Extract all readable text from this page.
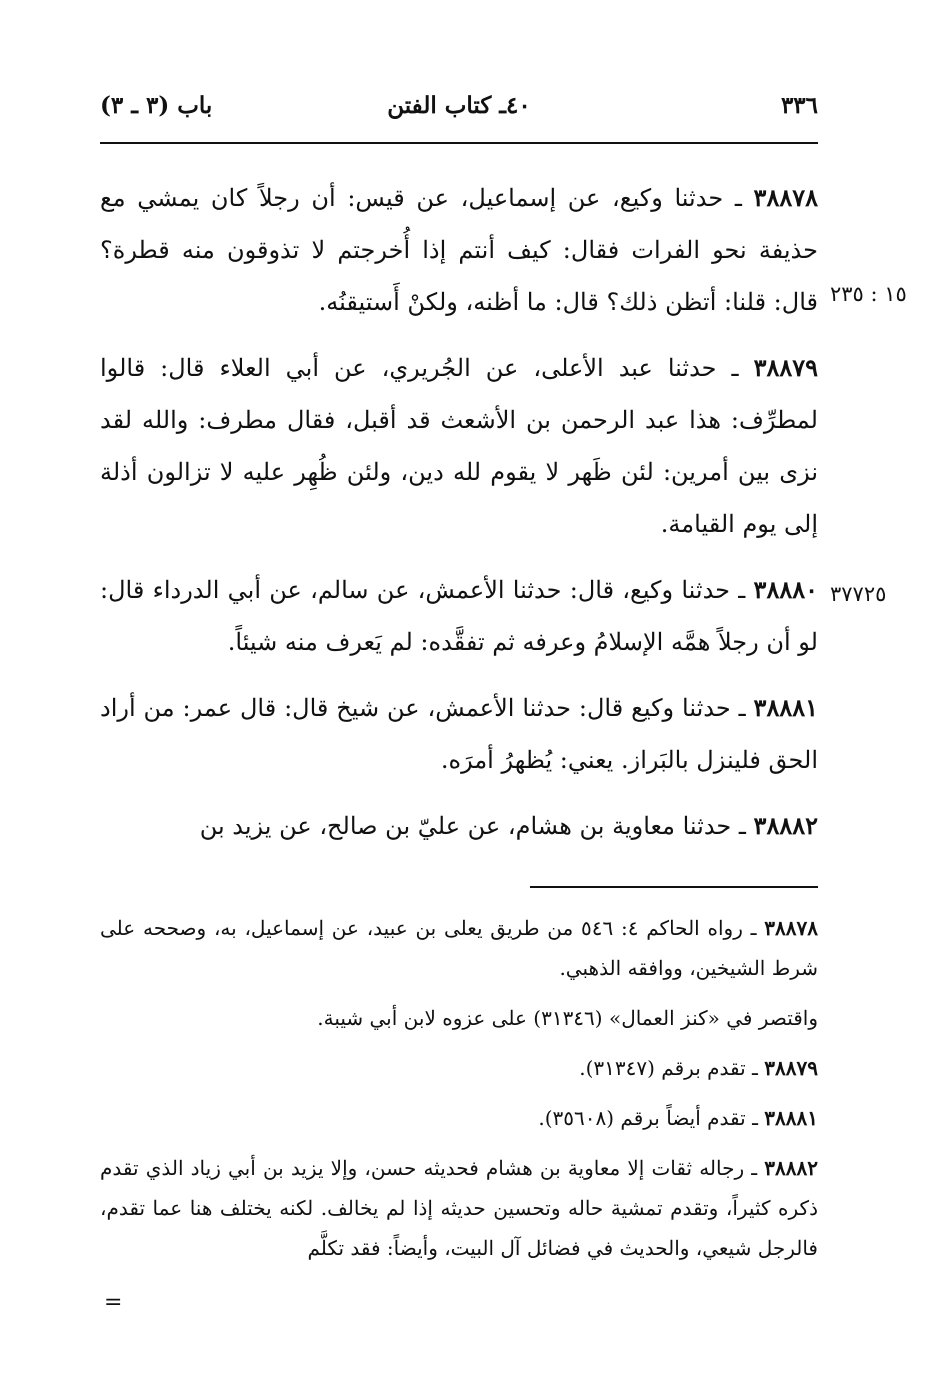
٣٣٦
٤٠ـ كتاب الفتن
باب (٣ ـ ٣)
١٥ : ٢٣٥
٣٧٧٢٥

٣٨٨٧٨ ـ حدثنا وكيع، عن إسماعيل، عن قيس: أن رجلاً كان يمشي مع حذيفة نحو الفرات فقال: كيف أنتم إذا أُخرجتم لا تذوقون منه قطرة؟ قال: قلنا: أتظن ذلك؟ قال: ما أظنه، ولكنْ أَستيقنُه.

٣٨٨٧٩ ـ حدثنا عبد الأعلى، عن الجُريري، عن أبي العلاء قال: قالوا لمطرِّف: هذا عبد الرحمن بن الأشعث قد أقبل، فقال مطرف: والله لقد نزى بين أمرين: لئن ظَهر لا يقوم لله دين، ولئن ظُهِر عليه لا تزالون أذلة إلى يوم القيامة.

٣٨٨٨٠ ـ حدثنا وكيع، قال: حدثنا الأعمش، عن سالم، عن أبي الدرداء قال: لو أن رجلاً همَّه الإسلامُ وعرفه ثم تفقَّده: لم يَعرف منه شيئاً.

٣٨٨٨١ ـ حدثنا وكيع قال: حدثنا الأعمش، عن شيخ قال: قال عمر: من أراد الحق فلينزل بالبَراز. يعني: يُظهرُ أمرَه.

٣٨٨٨٢ ـ حدثنا معاوية بن هشام، عن عليّ بن صالح، عن يزيد بن

٣٨٨٧٨ ـ رواه الحاكم ٤: ٥٤٦ من طريق يعلى بن عبيد، عن إسماعيل، به، وصححه على شرط الشيخين، ووافقه الذهبي.

واقتصر في «كنز العمال» (٣١٣٤٦) على عزوه لابن أبي شيبة.

٣٨٨٧٩ ـ تقدم برقم (٣١٣٤٧).

٣٨٨٨١ ـ تقدم أيضاً برقم (٣٥٦٠٨).

٣٨٨٨٢ ـ رجاله ثقات إلا معاوية بن هشام فحديثه حسن، وإلا يزيد بن أبي زياد الذي تقدم ذكره كثيراً، وتقدم تمشية حاله وتحسين حديثه إذا لم يخالف. لكنه يختلف هنا عما تقدم، فالرجل شيعي، والحديث في فضائل آل البيت، وأيضاً: فقد تكلَّم

=
